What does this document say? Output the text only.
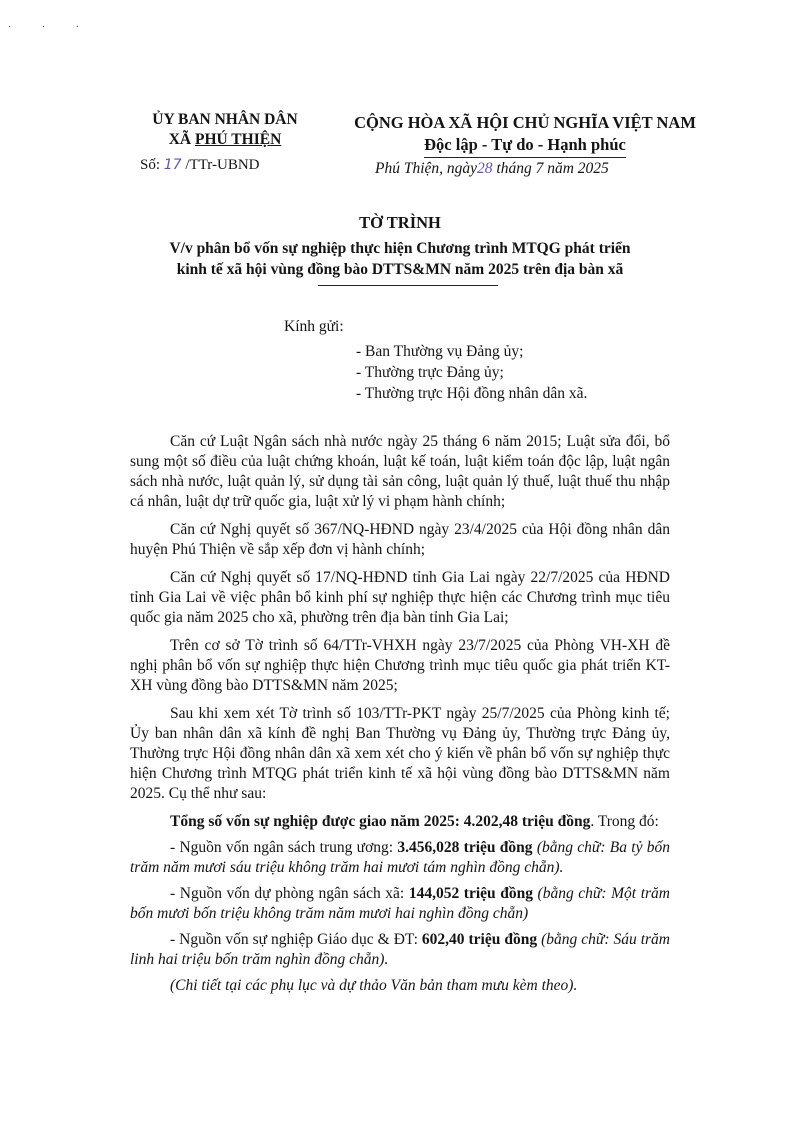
· · ·
ỦY BAN NHÂN DÂN
XÃ PHÚ THIỆN
Số: 17 /TTr-UBND
CỘNG HÒA XÃ HỘI CHỦ NGHĨA VIỆT NAM
Độc lập - Tự do - Hạnh phúc
Phú Thiện, ngày28 tháng 7 năm 2025
TỜ TRÌNH
V/v phân bổ vốn sự nghiệp thực hiện Chương trình MTQG phát triển
kinh tế xã hội vùng đồng bào DTTS&MN năm 2025 trên địa bàn xã
Kính gửi:
- Ban Thường vụ Đảng ủy;
- Thường trực Đảng ủy;
- Thường trực Hội đồng nhân dân xã.

Căn cứ Luật Ngân sách nhà nước ngày 25 tháng 6 năm 2015; Luật sửa đổi, bổ sung một số điều của luật chứng khoán, luật kế toán, luật kiểm toán độc lập, luật ngân sách nhà nước, luật quản lý, sử dụng tài sản công, luật quản lý thuế, luật thuế thu nhập cá nhân, luật dự trữ quốc gia, luật xử lý vi phạm hành chính;

Căn cứ Nghị quyết số 367/NQ-HĐND ngày 23/4/2025 của Hội đồng nhân dân huyện Phú Thiện về sắp xếp đơn vị hành chính;

Căn cứ Nghị quyết số 17/NQ-HĐND tỉnh Gia Lai ngày 22/7/2025 của HĐND tỉnh Gia Lai về việc phân bổ kinh phí sự nghiệp thực hiện các Chương trình mục tiêu quốc gia năm 2025 cho xã, phường trên địa bàn tỉnh Gia Lai;

Trên cơ sở Tờ trình số 64/TTr-VHXH ngày 23/7/2025 của Phòng VH-XH đề nghị phân bổ vốn sự nghiệp thực hiện Chương trình mục tiêu quốc gia phát triển KT-XH vùng đồng bào DTTS&MN năm 2025;

Sau khi xem xét Tờ trình số 103/TTr-PKT ngày 25/7/2025 của Phòng kinh tế; Ủy ban nhân dân xã kính đề nghị Ban Thường vụ Đảng ủy, Thường trực Đảng ủy, Thường trực Hội đồng nhân dân xã xem xét cho ý kiến về phân bổ vốn sự nghiệp thực hiện Chương trình MTQG phát triển kinh tế xã hội vùng đồng bào DTTS&MN năm 2025. Cụ thể như sau:

Tổng số vốn sự nghiệp được giao năm 2025: 4.202,48 triệu đồng. Trong đó:

- Nguồn vốn ngân sách trung ương: 3.456,028 triệu đồng (bằng chữ: Ba tỷ bốn trăm năm mươi sáu triệu không trăm hai mươi tám nghìn đồng chẵn).

- Nguồn vốn dự phòng ngân sách xã: 144,052 triệu đồng (bằng chữ: Một trăm bốn mươi bốn triệu không trăm năm mươi hai nghìn đồng chẵn)

- Nguồn vốn sự nghiệp Giáo dục & ĐT: 602,40 triệu đồng (bằng chữ: Sáu trăm linh hai triệu bốn trăm nghìn đồng chẵn).

(Chi tiết tại các phụ lục và dự thảo Văn bản tham mưu kèm theo).
